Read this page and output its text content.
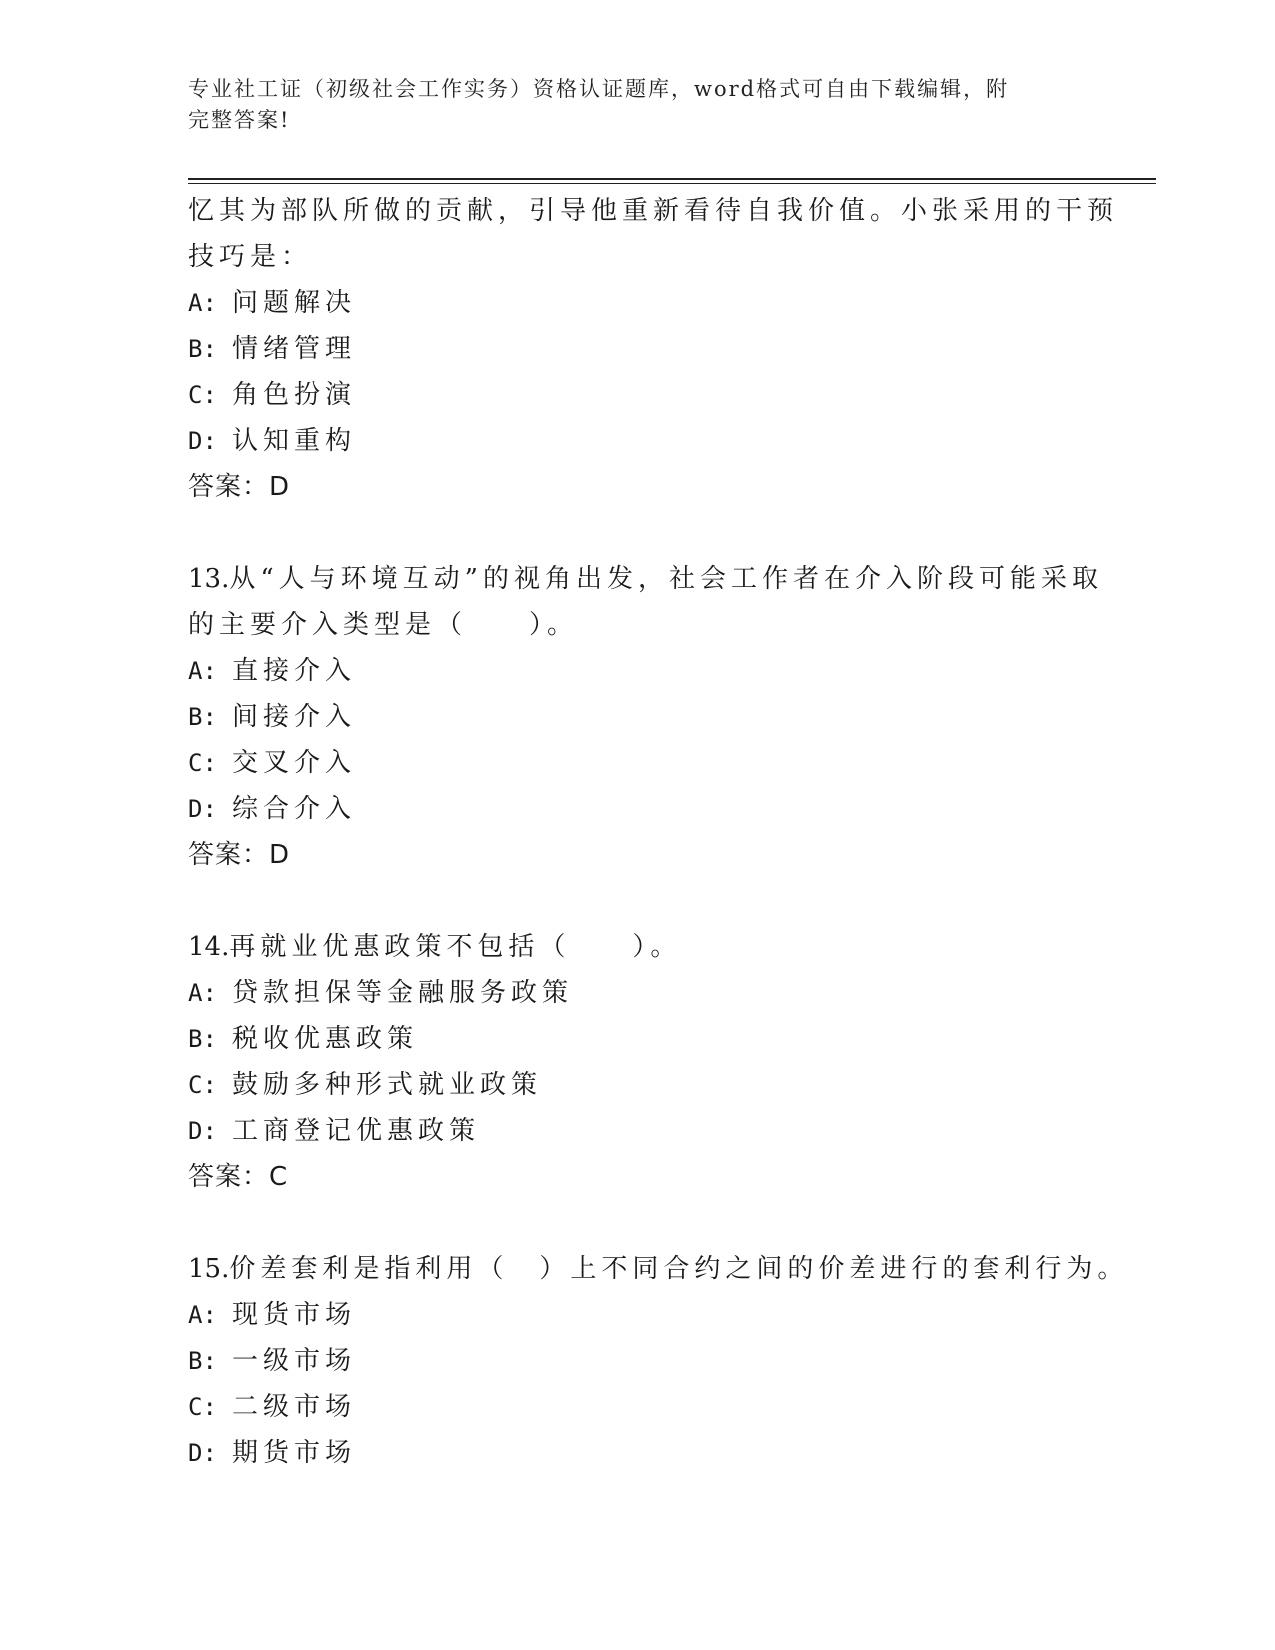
专业社工证（初级社会工作实务）资格认证题库，word格式可自由下载编辑，附
完整答案!
忆其为部队所做的贡献，引导他重新看待自我价值。小张采用的干预
技巧是：
A: 问题解决
B: 情绪管理
C: 角色扮演
D: 认知重构
答案：D
13.从“人与环境互动”的视角出发，社会工作者在介入阶段可能采取
的主要介入类型是（　　）。
A: 直接介入
B: 间接介入
C: 交叉介入
D: 综合介入
答案：D
14.再就业优惠政策不包括（　　）。
A: 贷款担保等金融服务政策
B: 税收优惠政策
C: 鼓励多种形式就业政策
D: 工商登记优惠政策
答案：C
15.价差套利是指利用（　）上不同合约之间的价差进行的套利行为。
A: 现货市场
B: 一级市场
C: 二级市场
D: 期货市场
